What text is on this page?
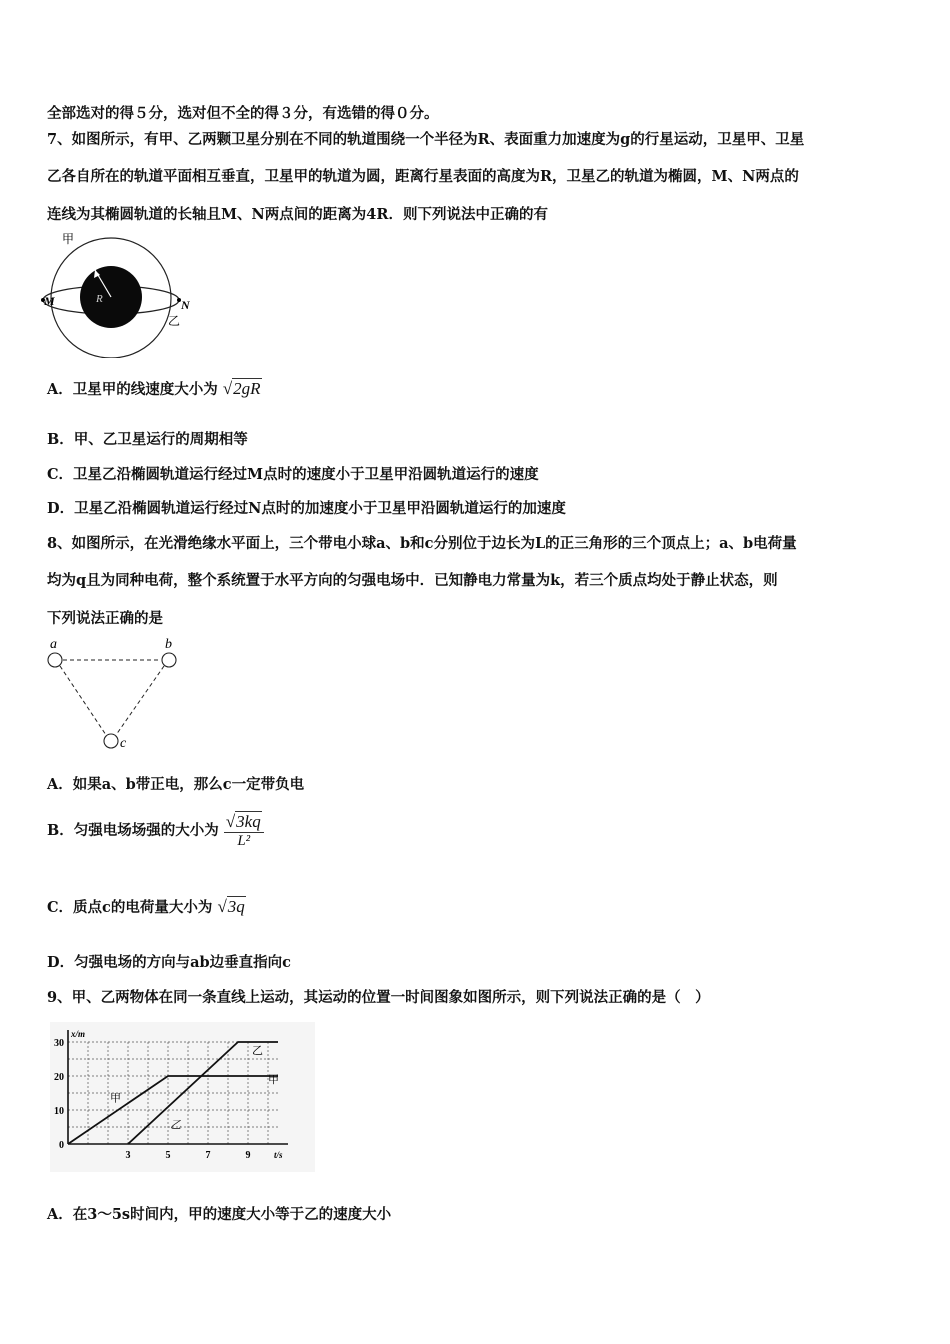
全部选对的得５分，选对但不全的得３分，有选错的得０分。
7、如图所示，有甲、乙两颗卫星分别在不同的轨道围绕一个半径为R、表面重力加速度为g的行星运动，卫星甲、卫星
乙各自所在的轨道平面相互垂直，卫星甲的轨道为圆，距离行星表面的高度为R，卫星乙的轨道为椭圆，M、N两点的
连线为其椭圆轨道的长轴且M、N两点间的距离为4R．则下列说法中正确的有
甲
R
M	N
乙
A．卫星甲的线速度大小为 √2gR
B．甲、乙卫星运行的周期相等
C．卫星乙沿椭圆轨道运行经过M点时的速度小于卫星甲沿圆轨道运行的速度
D．卫星乙沿椭圆轨道运行经过N点时的加速度小于卫星甲沿圆轨道运行的加速度
8、如图所示，在光滑绝缘水平面上，三个带电小球a、b和c分别位于边长为L的正三角形的三个顶点上；a、b电荷量
均为q且为同种电荷，整个系统置于水平方向的匀强电场中．已知静电力常量为k，若三个质点均处于静止状态，则
下列说法正确的是
a	b
c
A．如果a、b带正电，那么c一定带负电
B．匀强电场场强的大小为 $\frac{√3kq}{\text{L²}}$
C．质点c的电荷量大小为 √3q
D．匀强电场的方向与ab边垂直指向c
9、甲、乙两物体在同一条直线上运动，其运动的位置一时间图象如图所示，则下列说法正确的是（　）
甲
甲
乙
乙
0
10
20
30
3	5	7	9
x/m
t/s
A．在3～5s时间内，甲的速度大小等于乙的速度大小
